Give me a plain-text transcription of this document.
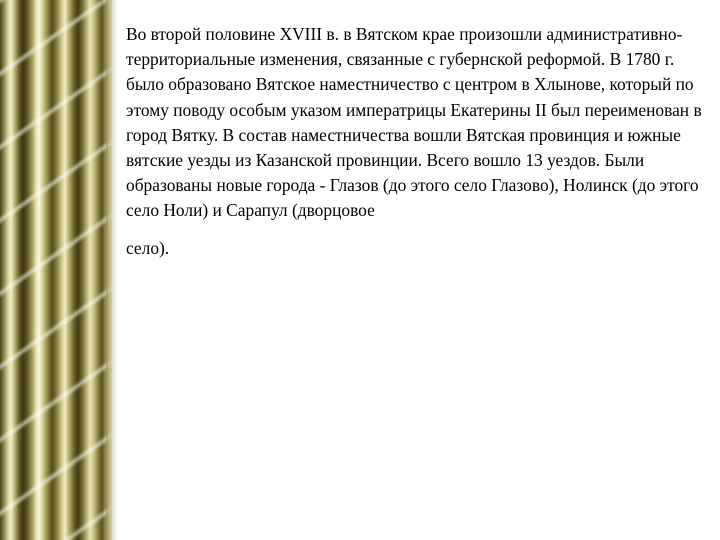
Во второй половине XVIII в. в Вятском крае произошли административно-территориальные изменения, связанные с губернской реформой. В 1780 г. было образовано Вятское наместничество с центром в Хлынове, который по этому поводу особым указом императрицы Екатерины II был переименован в город Вятку. В состав наместничества вошли Вятская провинция и южные вятские уезды из Казанской провинции. Всего вошло 13 уездов. Были образованы новые города - Глазов (до этого село Глазово), Нолинск (до этого село Ноли) и Сарапул (дворцовое

село).
